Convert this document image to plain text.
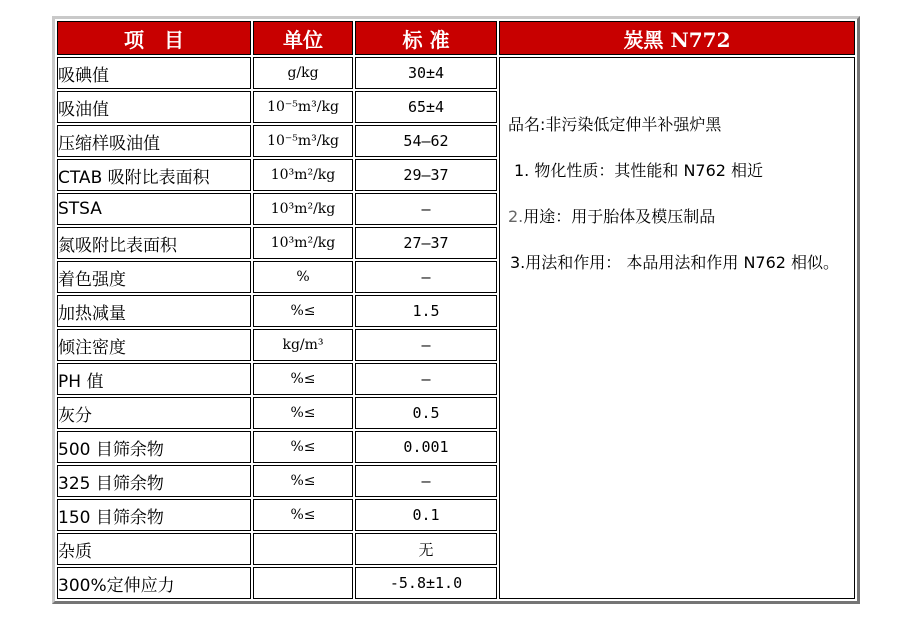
项　目	单位	标 准	炭黑 N772
吸碘值	g/kg	30±4	品名:非污染低定伸半补强炉黑

1. 物化性质：其性能和 N762 相近

2.用途：用于胎体及模压制品

3.用法和作用： 本品用法和作用 N762 相似。

吸油值	10⁻⁵m³/kg	65±4	
压缩样吸油值	10⁻⁵m³/kg	54—62	
CTAB 吸附比表面积	10³m²/kg	29—37	
STSA	10³m²/kg	—	
氮吸附比表面积	10³m²/kg	27—37	
着色强度	%	—	
加热减量	%≤	1.5	
倾注密度	kg/m³	—	
PH 值	%≤	—	
灰分	%≤	0.5	
500 目筛余物	%≤	0.001	
325 目筛余物	%≤	—	
150 目筛余物	%≤	0.1	
杂质		无	
300%定伸应力		-5.8±1.0	
